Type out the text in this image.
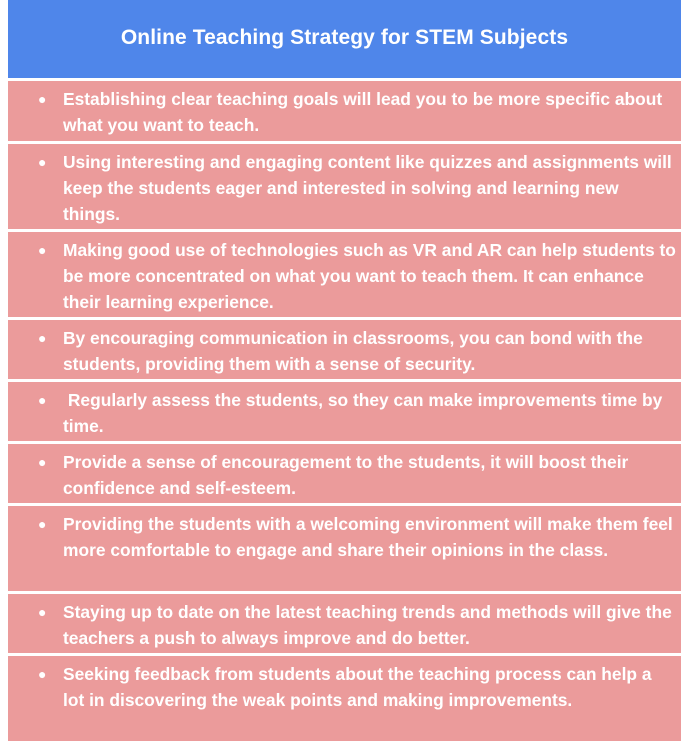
Online Teaching Strategy for STEM Subjects
● Establishing clear teaching goals will lead you to be more specific about what you want to teach.
● Using interesting and engaging content like quizzes and assignments will keep the students eager and interested in solving and learning new things.
● Making good use of technologies such as VR and AR can help students to be more concentrated on what you want to teach them. It can enhance their learning experience.
● By encouraging communication in classrooms, you can bond with the students, providing them with a sense of security.
● Regularly assess the students, so they can make improvements time by time.
● Provide a sense of encouragement to the students, it will boost their confidence and self-esteem.
● Providing the students with a welcoming environment will make them feel more comfortable to engage and share their opinions in the class.
● Staying up to date on the latest teaching trends and methods will give the teachers a push to always improve and do better.
● Seeking feedback from students about the teaching process can help a lot in discovering the weak points and making improvements.
